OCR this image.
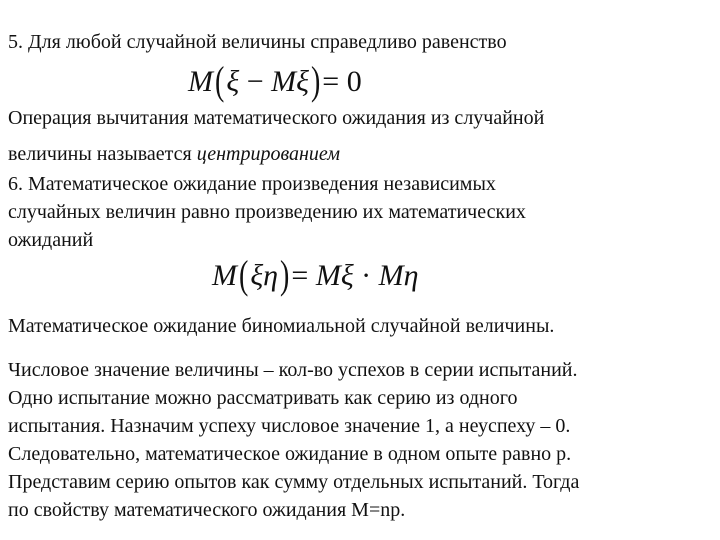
5. Для любой случайной величины справедливо равенство
M(ξ − Mξ)= 0
Операция вычитания математического ожидания из случайной
величины называется центрированием
6. Математическое ожидание произведения независимых
случайных величин равно произведению их математических
ожиданий
M(ξη)= Mξ · Mη
Математическое ожидание биномиальной случайной величины.
Числовое значение величины – кол-во успехов в серии испытаний.
Одно испытание можно рассматривать как серию из одного
испытания. Назначим успеху числовое значение 1, а неуспеху – 0.
Следовательно, математическое ожидание в одном опыте равно р.
Представим серию опытов как сумму отдельных испытаний. Тогда
по свойству математического ожидания М=nр.
